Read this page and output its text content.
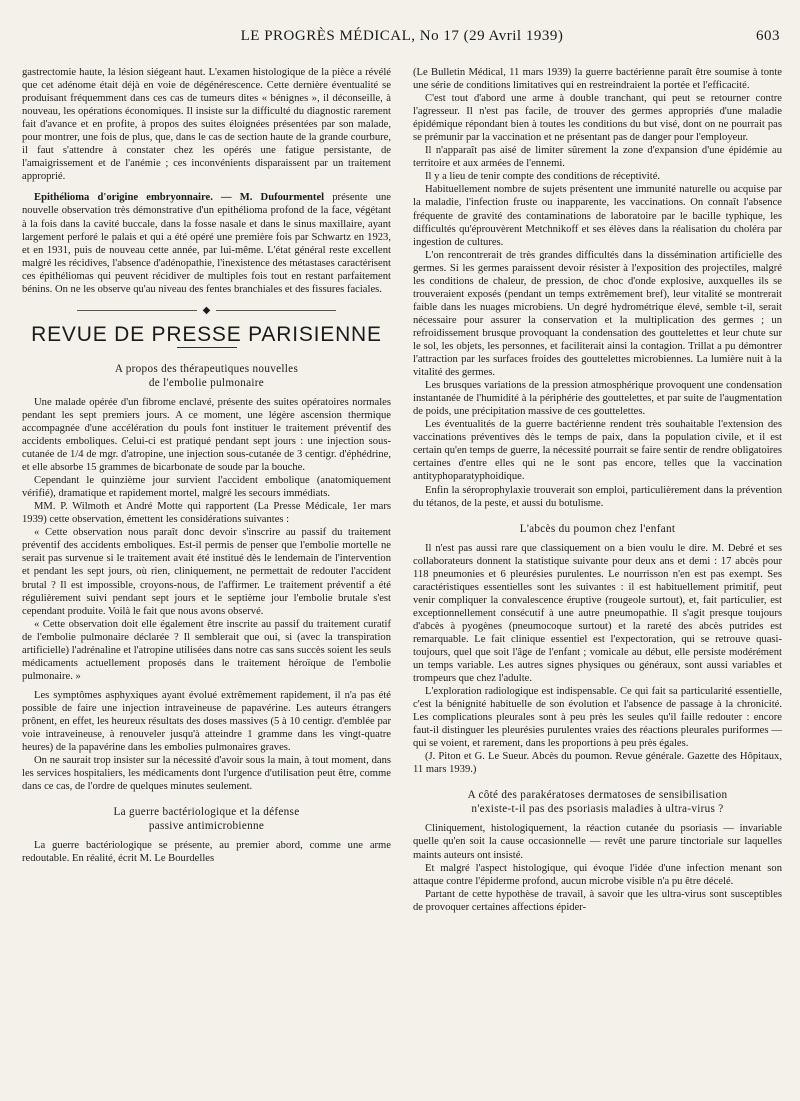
LE PROGRÈS MÉDICAL, No 17 (29 Avril 1939)	603

gastrectomie haute, la lésion siégeant haut. L'examen histologique de la pièce a révélé que cet adénome était déjà en voie de dégénérescence. Cette dernière éventualité se produisant fréquemment dans ces cas de tumeurs dites « bénignes », il déconseille, à nouveau, les opérations économiques. Il insiste sur la difficulté du diagnostic rarement fait d'avance et en profite, à propos des suites éloignées présentées par son malade, pour montrer, une fois de plus, que, dans le cas de section haute de la grande courbure, il faut s'attendre à constater chez les opérés une fatigue persistante, de l'amaigrissement et de l'anémie ; ces inconvénients disparaissent par un traitement approprié.

Epithélioma d'origine embryonnaire. — M. Dufourmentel présente une nouvelle observation très démonstrative d'un epithélioma profond de la face, végétant à la fois dans la cavité buccale, dans la fosse nasale et dans le sinus maxillaire, ayant largement perforé le palais et qui a été opéré une première fois par Schwartz en 1923, et en 1931, puis de nouveau cette année, par lui-même. L'état général reste excellent malgré les récidives, l'absence d'adénopathie, l'inexistence des métastases caractérisent ces épithéliomas qui peuvent récidiver de multiples fois tout en restant parfaitement bénins. On ne les observe qu'au niveau des fentes branchiales et des fissures faciales.

◆
REVUE DE PRESSE PARISIENNE
A propos des thérapeutiques nouvelles
de l'embolie pulmonaire

Une malade opérée d'un fibrome enclavé, présente des suites opératoires normales pendant les sept premiers jours. A ce moment, une légère ascension thermique accompagnée d'une accélération du pouls font instituer le traitement préventif des accidents emboliques. Celui-ci est pratiqué pendant sept jours : une injection sous-cutanée de 1/4 de mgr. d'atropine, une injection sous-cutanée de 3 centigr. d'éphédrine, et elle absorbe 15 grammes de bicarbonate de soude par la bouche.

Cependant le quinzième jour survient l'accident embolique (anatomiquement vérifié), dramatique et rapidement mortel, malgré les secours immédiats.

MM. P. Wilmoth et André Motte qui rapportent (La Presse Médicale, 1er mars 1939) cette observation, émettent les considérations suivantes :

« Cette observation nous paraît donc devoir s'inscrire au passif du traitement préventif des accidents emboliques. Est-il permis de penser que l'embolie mortelle ne serait pas survenue si le traitement avait été institué dès le lendemain de l'intervention et pendant les sept jours, où rien, cliniquement, ne permettait de redouter l'accident brutal ? Il est impossible, croyons-nous, de l'affirmer. Le traitement préventif a été régulièrement suivi pendant sept jours et le septième jour l'embolie brutale s'est cependant produite. Voilà le fait que nous avons observé.

« Cette observation doit elle également être inscrite au passif du traitement curatif de l'embolie pulmonaire déclarée ? Il semblerait que oui, si (avec la transpiration artificielle) l'adrénaline et l'atropine utilisées dans notre cas sans succès soient les seuls médicaments actuellement proposés dans le traitement héroïque de l'embolie pulmonaire. »

Les symptômes asphyxiques ayant évolué extrêmement rapidement, il n'a pas été possible de faire une injection intraveineuse de papavérine. Les auteurs étrangers prônent, en effet, les heureux résultats des doses massives (5 à 10 centigr. d'emblée par voie intraveineuse, à renouveler jusqu'à atteindre 1 gramme dans les vingt-quatre heures) de la papavérine dans les embolies pulmonaires graves.

On ne saurait trop insister sur la nécessité d'avoir sous la main, à tout moment, dans les services hospitaliers, les médicaments dont l'urgence d'utilisation peut être, comme dans ce cas, de l'ordre de quelques minutes seulement.

La guerre bactériologique et la défense
passive antimicrobienne

La guerre bactériologique se présente, au premier abord, comme une arme redoutable. En réalité, écrit M. Le Bourdelles

(Le Bulletin Médical, 11 mars 1939) la guerre bactérienne paraît être soumise à tonte une série de conditions limitatives qui en restreindraient la portée et l'efficacité.

C'est tout d'abord une arme à double tranchant, qui peut se retourner contre l'agresseur. Il n'est pas facile, de trouver des germes appropriés d'une maladie épidémique répondant bien à toutes les conditions du but visé, dont on ne pourrait pas se prémunir par la vaccination et ne présentant pas de danger pour l'employeur.

Il n'apparaît pas aisé de limiter sûrement la zone d'expansion d'une épidémie au territoire et aux armées de l'ennemi.

Il y a lieu de tenir compte des conditions de réceptivité.

Habituellement nombre de sujets présentent une immunité naturelle ou acquise par la maladie, l'infection fruste ou inapparente, les vaccinations. On connaît l'absence fréquente de gravité des contaminations de laboratoire par le bacille typhique, les difficultés qu'éprouvèrent Metchnikoff et ses élèves dans la réalisation du choléra par ingestion de cultures.

L'on rencontrerait de très grandes difficultés dans la dissémination artificielle des germes. Si les germes paraissent devoir résister à l'exposition des projectiles, malgré les conditions de chaleur, de pression, de choc d'onde explosive, auxquelles ils se trouveraient exposés (pendant un temps extrêmement bref), leur vitalité se montrerait faible dans les nuages microbiens. Un degré hydrométrique élevé, semble t-il, serait nécessaire pour assurer la conservation et la multiplication des germes ; un refroidissement brusque provoquant la condensation des gouttelettes et leur chute sur le sol, les objets, les personnes, et faciliterait ainsi la contagion. Trillat a pu démontrer l'attraction par les surfaces froides des gouttelettes microbiennes. La lumière nuit à la vitalité des germes.

Les brusques variations de la pression atmosphérique provoquent une condensation instantanée de l'humidité à la périphérie des gouttelettes, et par suite de l'augmentation de poids, une précipitation massive de ces gouttelettes.

Les éventualités de la guerre bactérienne rendent très souhaitable l'extension des vaccinations préventives dès le temps de paix, dans la population civile, et il est certain qu'en temps de guerre, la nécessité pourrait se faire sentir de rendre obligatoires certaines d'entre elles qui ne le sont pas encore, telles que la vaccination antityphoparatyphoidique.

Enfin la séroprophylaxie trouverait son emploi, particulièrement dans la prévention du tétanos, de la peste, et aussi du botulisme.

L'abcès du poumon chez l'enfant

Il n'est pas aussi rare que classiquement on a bien voulu le dire. M. Debré et ses collaborateurs donnent la statistique suivante pour deux ans et demi : 17 abcès pour 118 pneumonies et 6 pleurésies purulentes. Le nourrisson n'en est pas exempt. Ses caractéristiques essentielles sont les suivantes : il est habituellement primitif, peut venir compliquer la convalescence éruptive (rougeole surtout), et, fait particulier, est exceptionnellement consécutif à une autre pneumopathie. Il s'agit presque toujours d'abcès à pyogènes (pneumocoque surtout) et la rareté des abcès putrides est remarquable. Le fait clinique essentiel est l'expectoration, qui se retrouve quasi-toujours, quel que soit l'âge de l'enfant ; vomicale au début, elle persiste modérément un temps variable. Les autres signes physiques ou généraux, sont aussi variables et trompeurs que chez l'adulte.

L'exploration radiologique est indispensable. Ce qui fait sa particularité essentielle, c'est la bénignité habituelle de son évolution et l'absence de passage à la chronicité. Les complications pleurales sont à peu près les seules qu'il faille redouter : encore faut-il distinguer les pleurésies purulentes vraies des réactions pleurales puriformes — qui se voient, et rarement, dans les proportions à peu près égales.

(J. Piton et G. Le Sueur. Abcès du poumon. Revue générale. Gazette des Hôpitaux, 11 mars 1939.)

A côté des parakératoses dermatoses de sensibilisation
n'existe-t-il pas des psoriasis maladies à ultra-virus ?

Cliniquement, histologiquement, la réaction cutanée du psoriasis — invariable quelle qu'en soit la cause occasionnelle — revêt une parure tinctoriale sur laquelles maints auteurs ont insisté.

Et malgré l'aspect histologique, qui évoque l'idée d'une infection menant son attaque contre l'épiderme profond, aucun microbe visible n'a pu être décelé.

Partant de cette hypothèse de travail, à savoir que les ultra-virus sont susceptibles de provoquer certaines affections épider-
